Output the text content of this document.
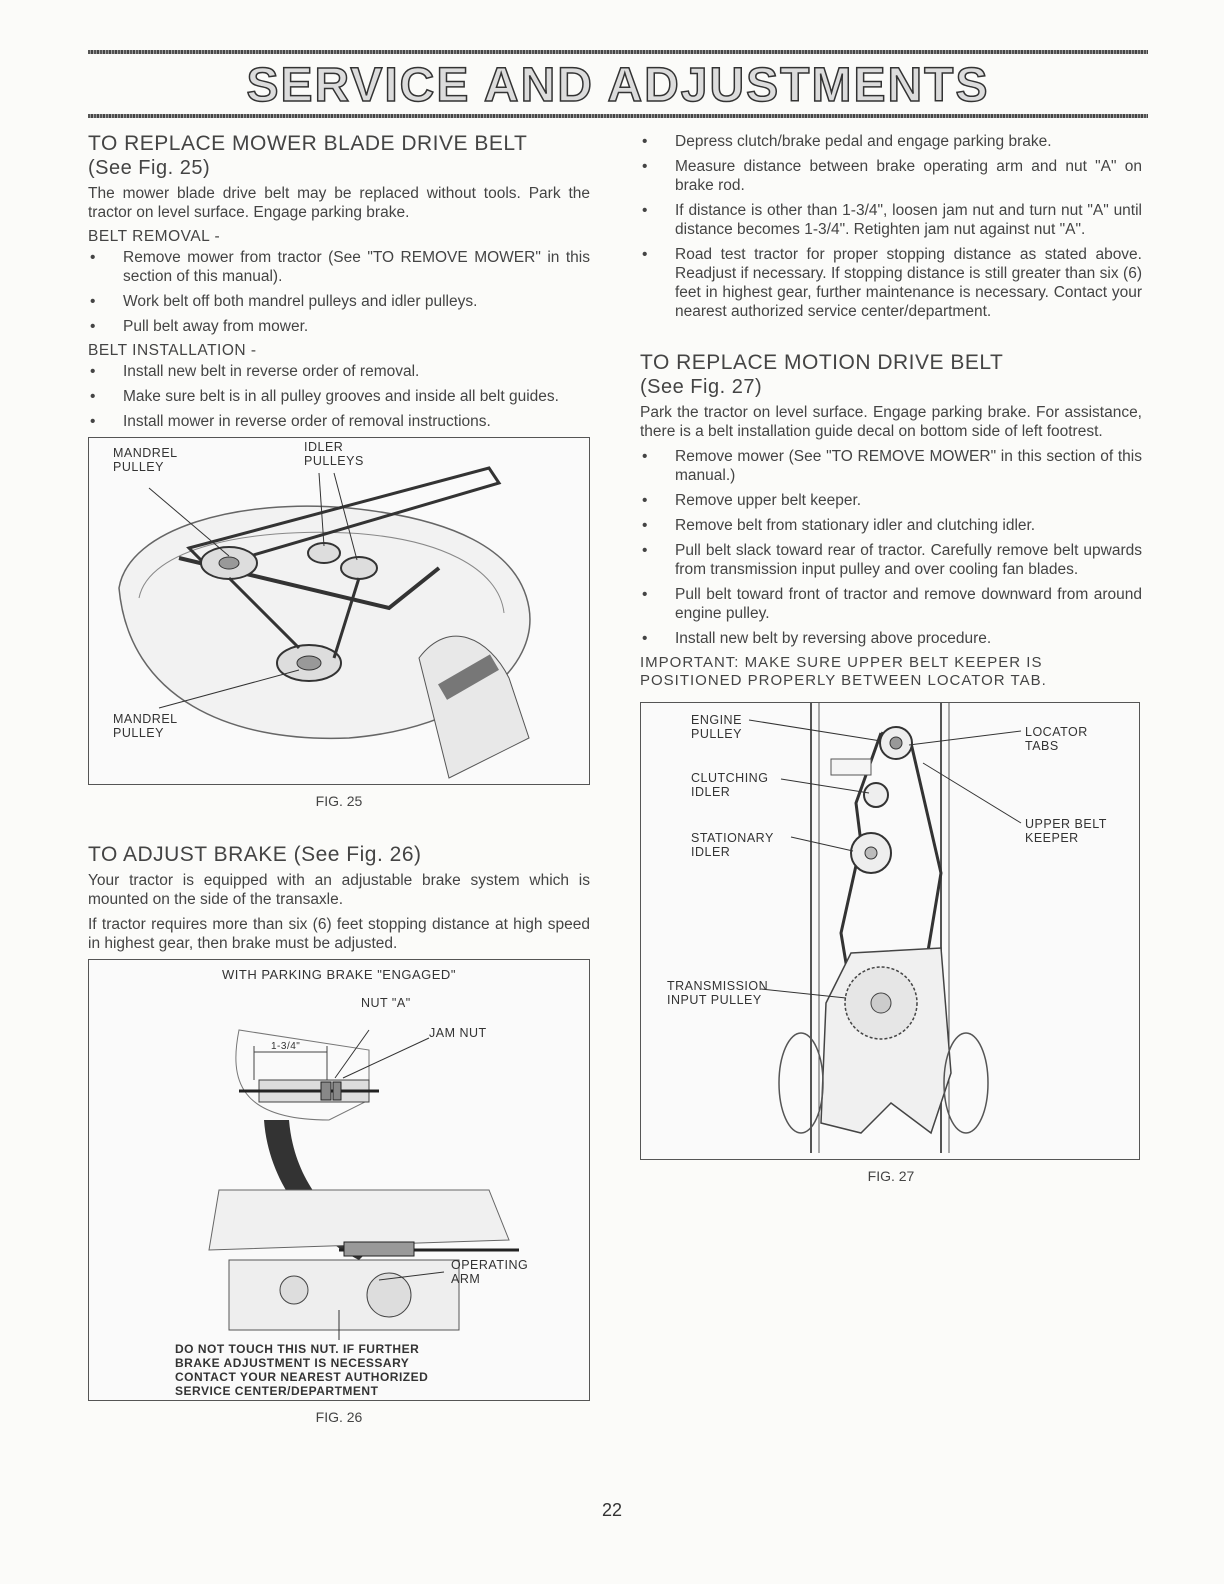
SERVICE AND ADJUSTMENTS
TO REPLACE MOWER BLADE DRIVE BELT
(See Fig. 25)

The mower blade drive belt may be replaced without tools. Park the tractor on level surface. Engage parking brake.

BELT REMOVAL -
• Remove mower from tractor (See "TO REMOVE MOWER" in this section of this manual).
• Work belt off both mandrel pulleys and idler pulleys.
• Pull belt away from mower.
BELT INSTALLATION -
• Install new belt in reverse order of removal.
• Make sure belt is in all pulley grooves and inside all belt guides.
• Install mower in reverse order of removal instructions.
MANDREL
PULLEY
IDLER
PULLEYS
MANDREL
PULLEY
FIG. 25
TO ADJUST BRAKE (See Fig. 26)

Your tractor is equipped with an adjustable brake system which is mounted on the side of the transaxle.

If tractor requires more than six (6) feet stopping distance at high speed in highest gear, then brake must be adjusted.

WITH PARKING BRAKE "ENGAGED"
1-3/4"
NUT "A"
JAM NUT
OPERATING
ARM
DO NOT TOUCH THIS NUT. IF FURTHER
BRAKE ADJUSTMENT IS NECESSARY
CONTACT YOUR NEAREST AUTHORIZED
SERVICE CENTER/DEPARTMENT
FIG. 26
• Depress clutch/brake pedal and engage parking brake.
• Measure distance between brake operating arm and nut "A" on brake rod.
• If distance is other than 1-3/4", loosen jam nut and turn nut "A" until distance becomes 1-3/4". Retighten jam nut against nut "A".
• Road test tractor for proper stopping distance as stated above. Readjust if necessary. If stopping distance is still greater than six (6) feet in highest gear, further maintenance is necessary. Contact your nearest authorized service center/department.
TO REPLACE MOTION DRIVE BELT
(See Fig. 27)

Park the tractor on level surface. Engage parking brake. For assistance, there is a belt installation guide decal on bottom side of left footrest.

• Remove mower (See "TO REMOVE MOWER" in this section of this manual.)
• Remove upper belt keeper.
• Remove belt from stationary idler and clutching idler.
• Pull belt slack toward rear of tractor. Carefully remove belt upwards from transmission input pulley and over cooling fan blades.
• Pull belt toward front of tractor and remove downward from around engine pulley.
• Install new belt by reversing above procedure.
IMPORTANT: MAKE SURE UPPER BELT KEEPER IS POSITIONED PROPERLY BETWEEN LOCATOR TAB.
ENGINE
PULLEY
CLUTCHING
IDLER
STATIONARY
IDLER
TRANSMISSION
INPUT PULLEY
LOCATOR
TABS
UPPER BELT
KEEPER
FIG. 27
22
